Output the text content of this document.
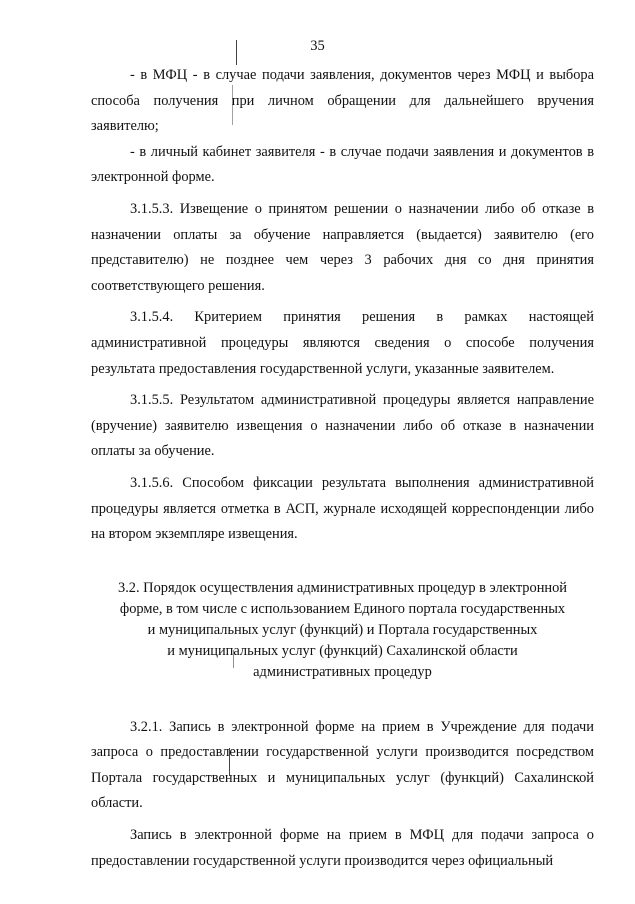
35

- в МФЦ - в случае подачи заявления, документов через МФЦ и выбора способа получения при личном обращении для дальнейшего вручения заявителю;

- в личный кабинет заявителя - в случае подачи заявления и документов в электронной форме.

3.1.5.3. Извещение о принятом решении о назначении либо об отказе в назначении оплаты за обучение направляется (выдается) заявителю (его представителю) не позднее чем через 3 рабочих дня со дня принятия соответствующего решения.

3.1.5.4. Критерием принятия решения в рамках настоящей административной процедуры являются сведения о способе получения результата предоставления государственной услуги, указанные заявителем.

3.1.5.5. Результатом административной процедуры является направление (вручение) заявителю извещения о назначении либо об отказе в назначении оплаты за обучение.

3.1.5.6. Способом фиксации результата выполнения административной процедуры является отметка в АСП, журнале исходящей корреспонденции либо на втором экземпляре извещения.

3.2. Порядок осуществления административных процедур в электронной
форме, в том числе с использованием Единого портала государственных
и муниципальных услуг (функций) и Портала государственных
и муниципальных услуг (функций) Сахалинской области
административных процедур

3.2.1. Запись в электронной форме на прием в Учреждение для подачи запроса о предоставлении государственной услуги производится посредством Портала государственных и муниципальных услуг (функций) Сахалинской области.

Запись в электронной форме на прием в МФЦ для подачи запроса о предоставлении государственной услуги производится через официальный
